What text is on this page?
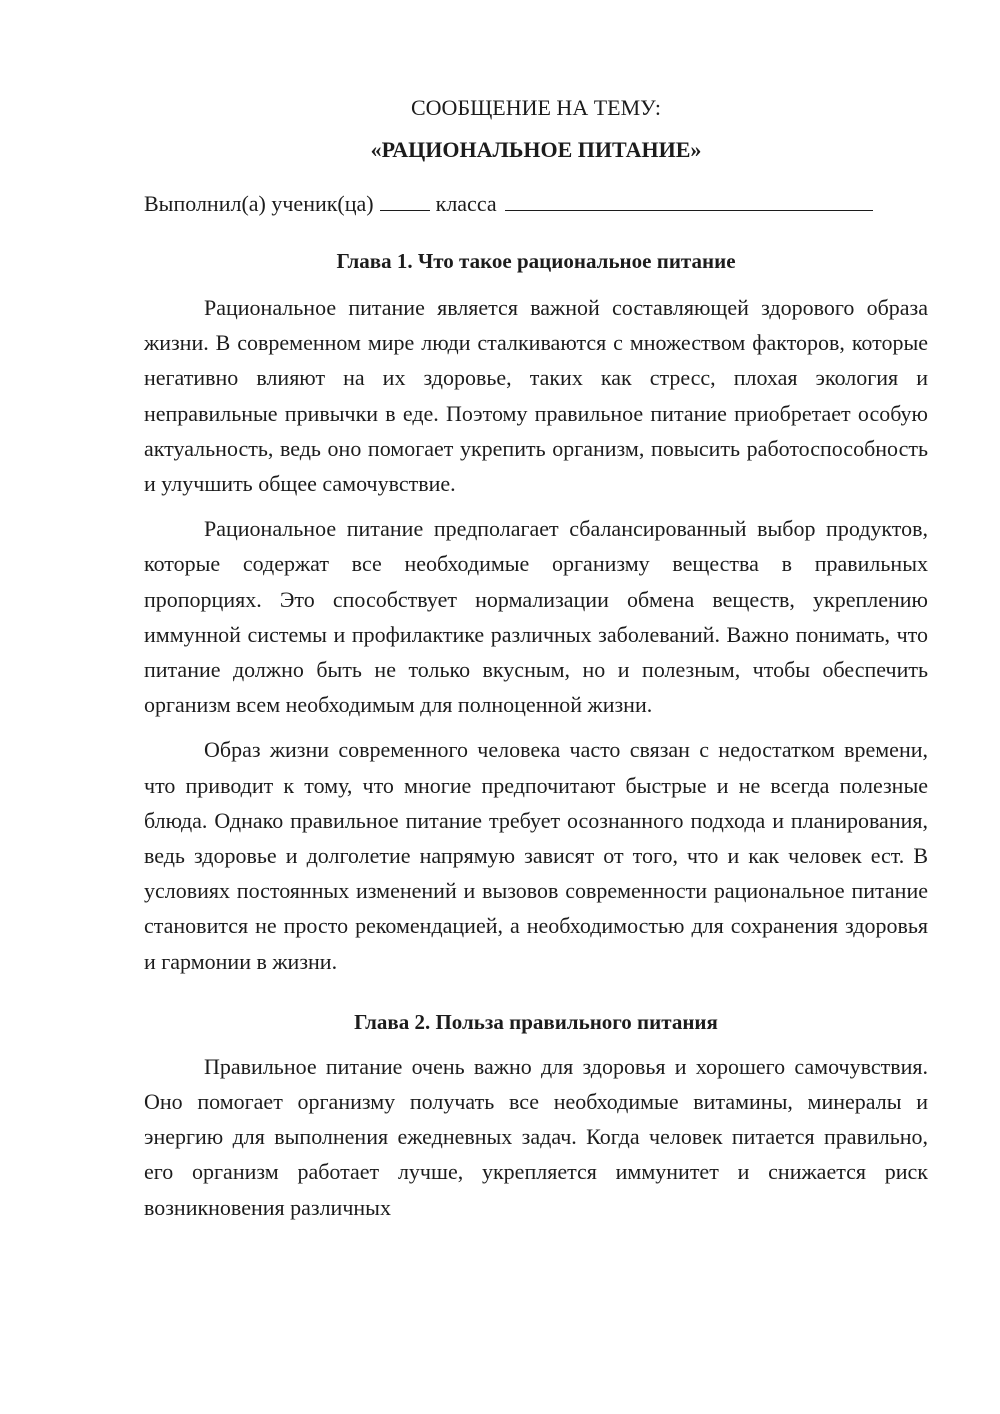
СООБЩЕНИЕ НА ТЕМУ:

«РАЦИОНАЛЬНОЕ ПИТАНИЕ»

Выполнил(а) ученик(ца)	класса

Глава 1. Что такое рациональное питание

Рациональное питание является важной составляющей здорового образа жизни. В современном мире люди сталкиваются с множеством факторов, которые негативно влияют на их здоровье, таких как стресс, плохая экология и неправильные привычки в еде. Поэтому правильное питание приобретает особую актуальность, ведь оно помогает укрепить организм, повысить работоспособность и улучшить общее самочувствие.

Рациональное питание предполагает сбалансированный выбор продуктов, которые содержат все необходимые организму вещества в правильных пропорциях. Это способствует нормализации обмена веществ, укреплению иммунной системы и профилактике различных заболеваний. Важно понимать, что питание должно быть не только вкусным, но и полезным, чтобы обеспечить организм всем необходимым для полноценной жизни.

Образ жизни современного человека часто связан с недостатком времени, что приводит к тому, что многие предпочитают быстрые и не всегда полезные блюда. Однако правильное питание требует осознанного подхода и планирования, ведь здоровье и долголетие напрямую зависят от того, что и как человек ест. В условиях постоянных изменений и вызовов современности рациональное питание становится не просто рекомендацией, а необходимостью для сохранения здоровья и гармонии в жизни.

Глава 2. Польза правильного питания

Правильное питание очень важно для здоровья и хорошего самочувствия. Оно помогает организму получать все необходимые витамины, минералы и энергию для выполнения ежедневных задач. Когда человек питается правильно, его организм работает лучше, укрепляется иммунитет и снижается риск возникновения различных
